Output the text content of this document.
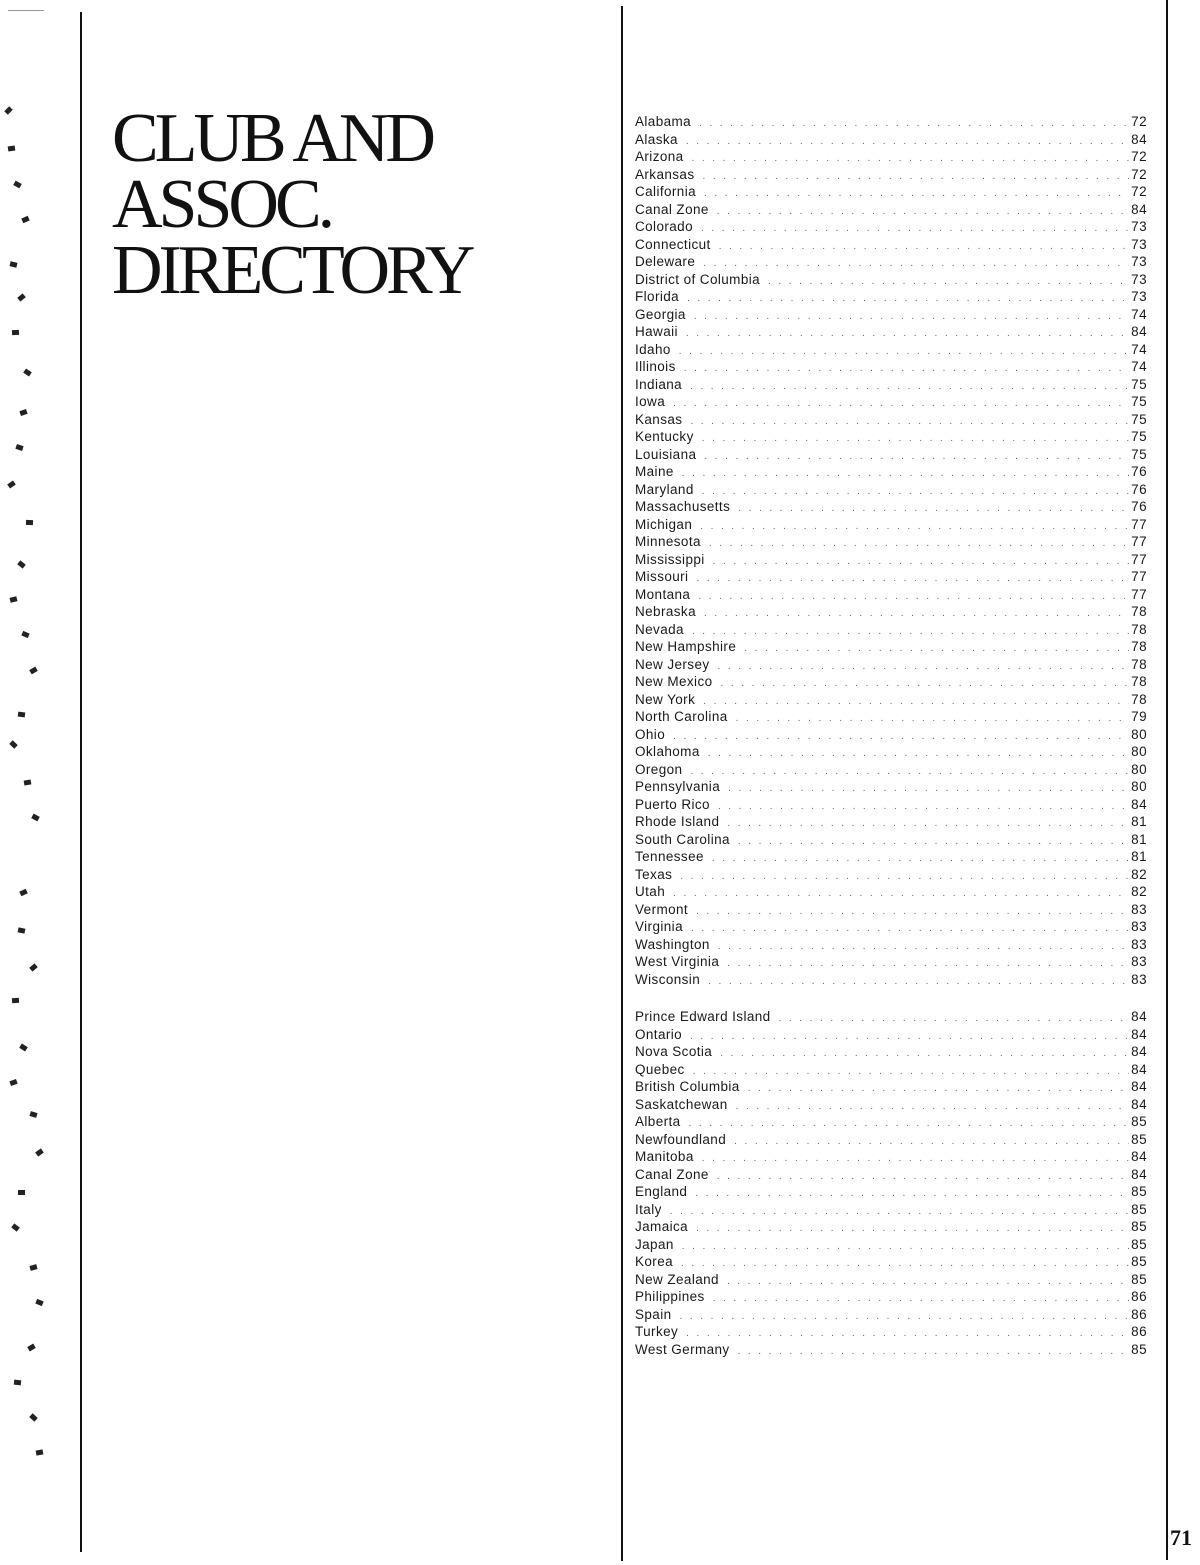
CLUB AND
ASSOC.
DIRECTORY
Alabama . . .	72
Alaska . . .	84
Arizona . . .	72
Arkansas . . .	72
California . . .	72
Canal Zone . . .	84
Colorado . . .	73
Connecticut . . .	73
Deleware . . .	73
District of Columbia . . .	73
Florida . . .	73
Georgia . . .	74
Hawaii . . .	84
Idaho . . .	74
Illinois . . .	74
Indiana . . .	75
Iowa . . .	75
Kansas . . .	75
Kentucky . . .	75
Louisiana . . .	75
Maine . . .	76
Maryland . . .	76
Massachusetts . . .	76
Michigan . . .	77
Minnesota . . .	77
Mississippi . . .	77
Missouri . . .	77
Montana . . .	77
Nebraska . . .	78
Nevada . . .	78
New Hampshire . . .	78
New Jersey . . .	78
New Mexico . . .	78
New York . . .	78
North Carolina . . .	79
Ohio . . .	80
Oklahoma . . .	80
Oregon . . .	80
Pennsylvania . . .	80
Puerto Rico . . .	84
Rhode Island . . .	81
South Carolina . . .	81
Tennessee . . .	81
Texas . . .	82
Utah . . .	82
Vermont . . .	83
Virginia . . .	83
Washington . . .	83
West Virginia . . .	83
Wisconsin . . .	83
Prince Edward Island . . .	84
Ontario . . .	84
Nova Scotia . . .	84
Quebec . . .	84
British Columbia . . .	84
Saskatchewan . . .	84
Alberta . . .	85
Newfoundland . . .	85
Manitoba . . .	84
Canal Zone . . .	84
England . . .	85
Italy . . .	85
Jamaica . . .	85
Japan . . .	85
Korea . . .	85
New Zealand . . .	85
Philippines . . .	86
Spain . . .	86
Turkey . . .	86
West Germany . . .	85
71
